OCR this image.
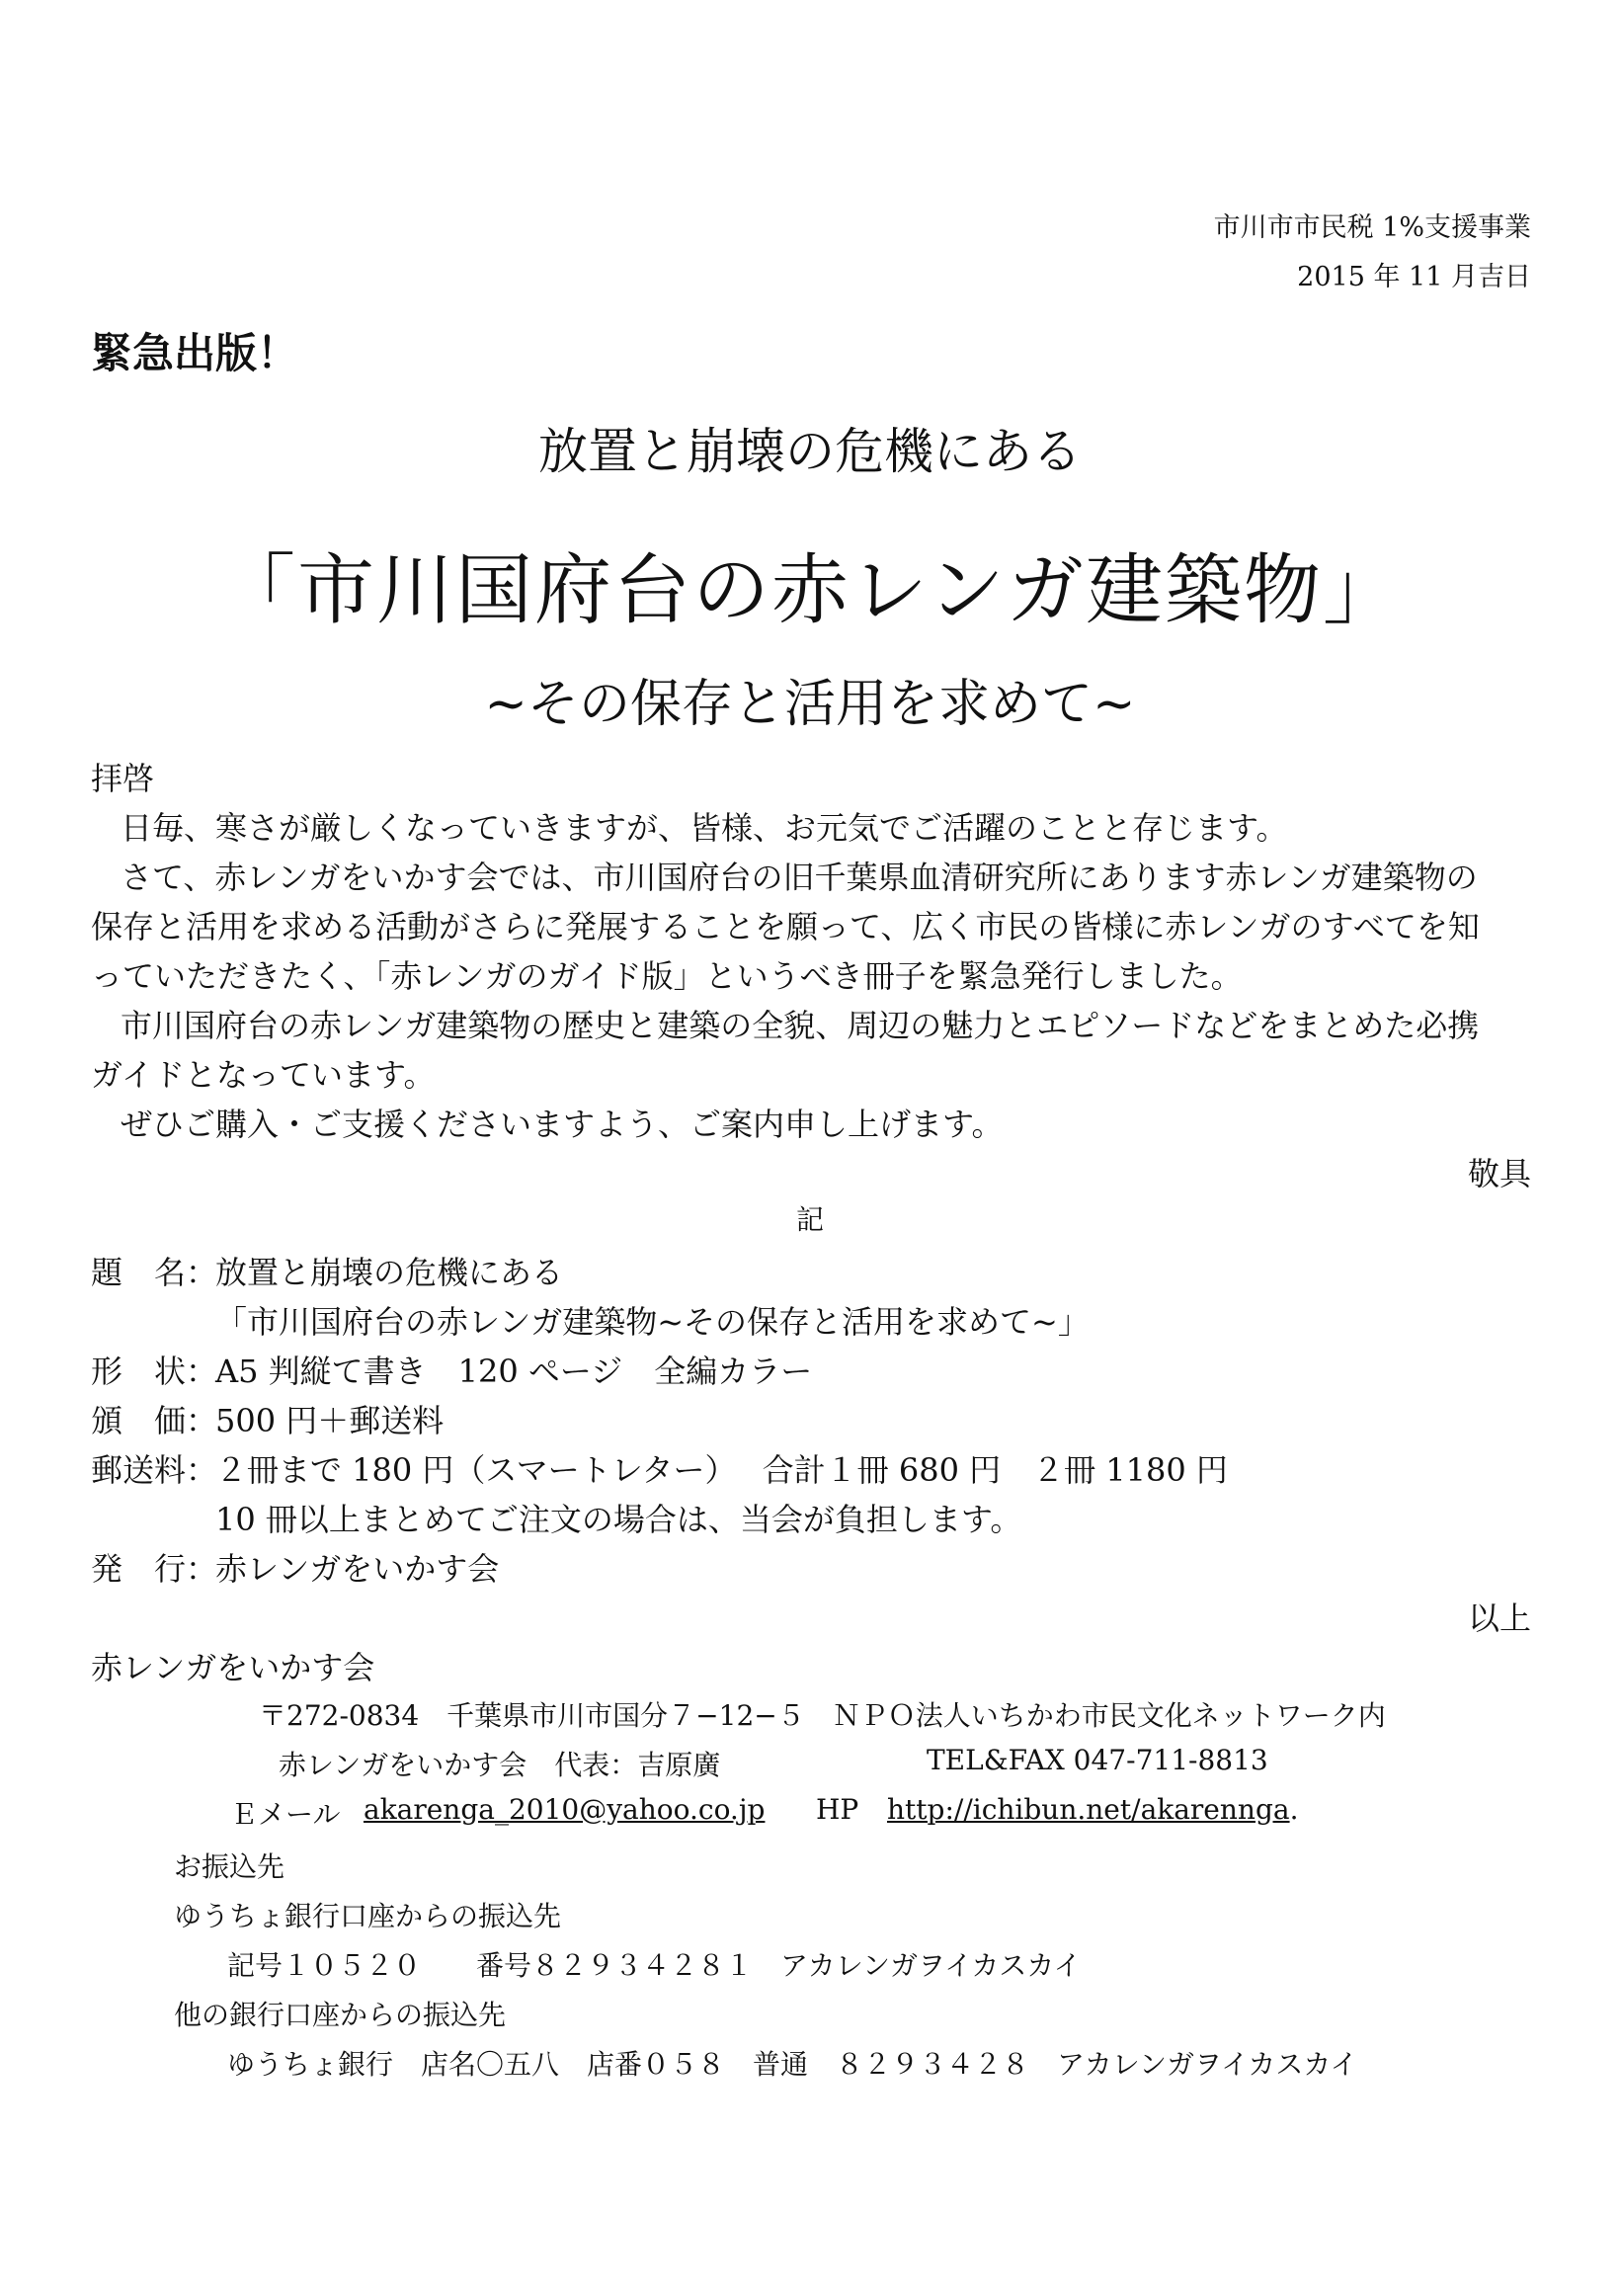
市川市市民税 1%支援事業
2015 年 11 月吉日
緊急出版！
放置と崩壊の危機にある
「市川国府台の赤レンガ建築物」
~その保存と活用を求めて~
拝啓
日毎、寒さが厳しくなっていきますが、皆様、お元気でご活躍のことと存じます。
さて、赤レンガをいかす会では、市川国府台の旧千葉県血清研究所にあります赤レンガ建築物の
保存と活用を求める活動がさらに発展することを願って、広く市民の皆様に赤レンガのすべてを知
っていただきたく、「赤レンガのガイド版」というべき冊子を緊急発行しました。
市川国府台の赤レンガ建築物の歴史と建築の全貌、周辺の魅力とエピソードなどをまとめた必携
ガイドとなっています。
ぜひご購入・ご支援くださいますよう、ご案内申し上げます。
敬具
記
題　名：
放置と崩壊の危機にある
「市川国府台の赤レンガ建築物~その保存と活用を求めて~」
形　状：
A5 判縦て書き　120 ページ　全編カラー
頒　価：
500 円＋郵送料
郵送料：
２冊まで 180 円（スマートレター）　 合計１冊 680 円　２冊 1180 円
10 冊以上まとめてご注文の場合は、当会が負担します。
発　行：
赤レンガをいかす会
以上
赤レンガをいかす会
〒272-0834　千葉県市川市国分７−12−５　ＮＰＯ法人いちかわ市民文化ネットワーク内
赤レンガをいかす会　代表：吉原廣	TEL&FAX 047-711-8813
Ｅメール akarenga_2010@yahoo.co.jp HP http://ichibun.net/akarennga.
お振込先
ゆうちょ銀行口座からの振込先
記号１０５２０　　番号８２９３４２８１　アカレンガヲイカスカイ
他の銀行口座からの振込先
ゆうちょ銀行　店名〇五八　店番０５８　普通　８２９３４２８　アカレンガヲイカスカイ
